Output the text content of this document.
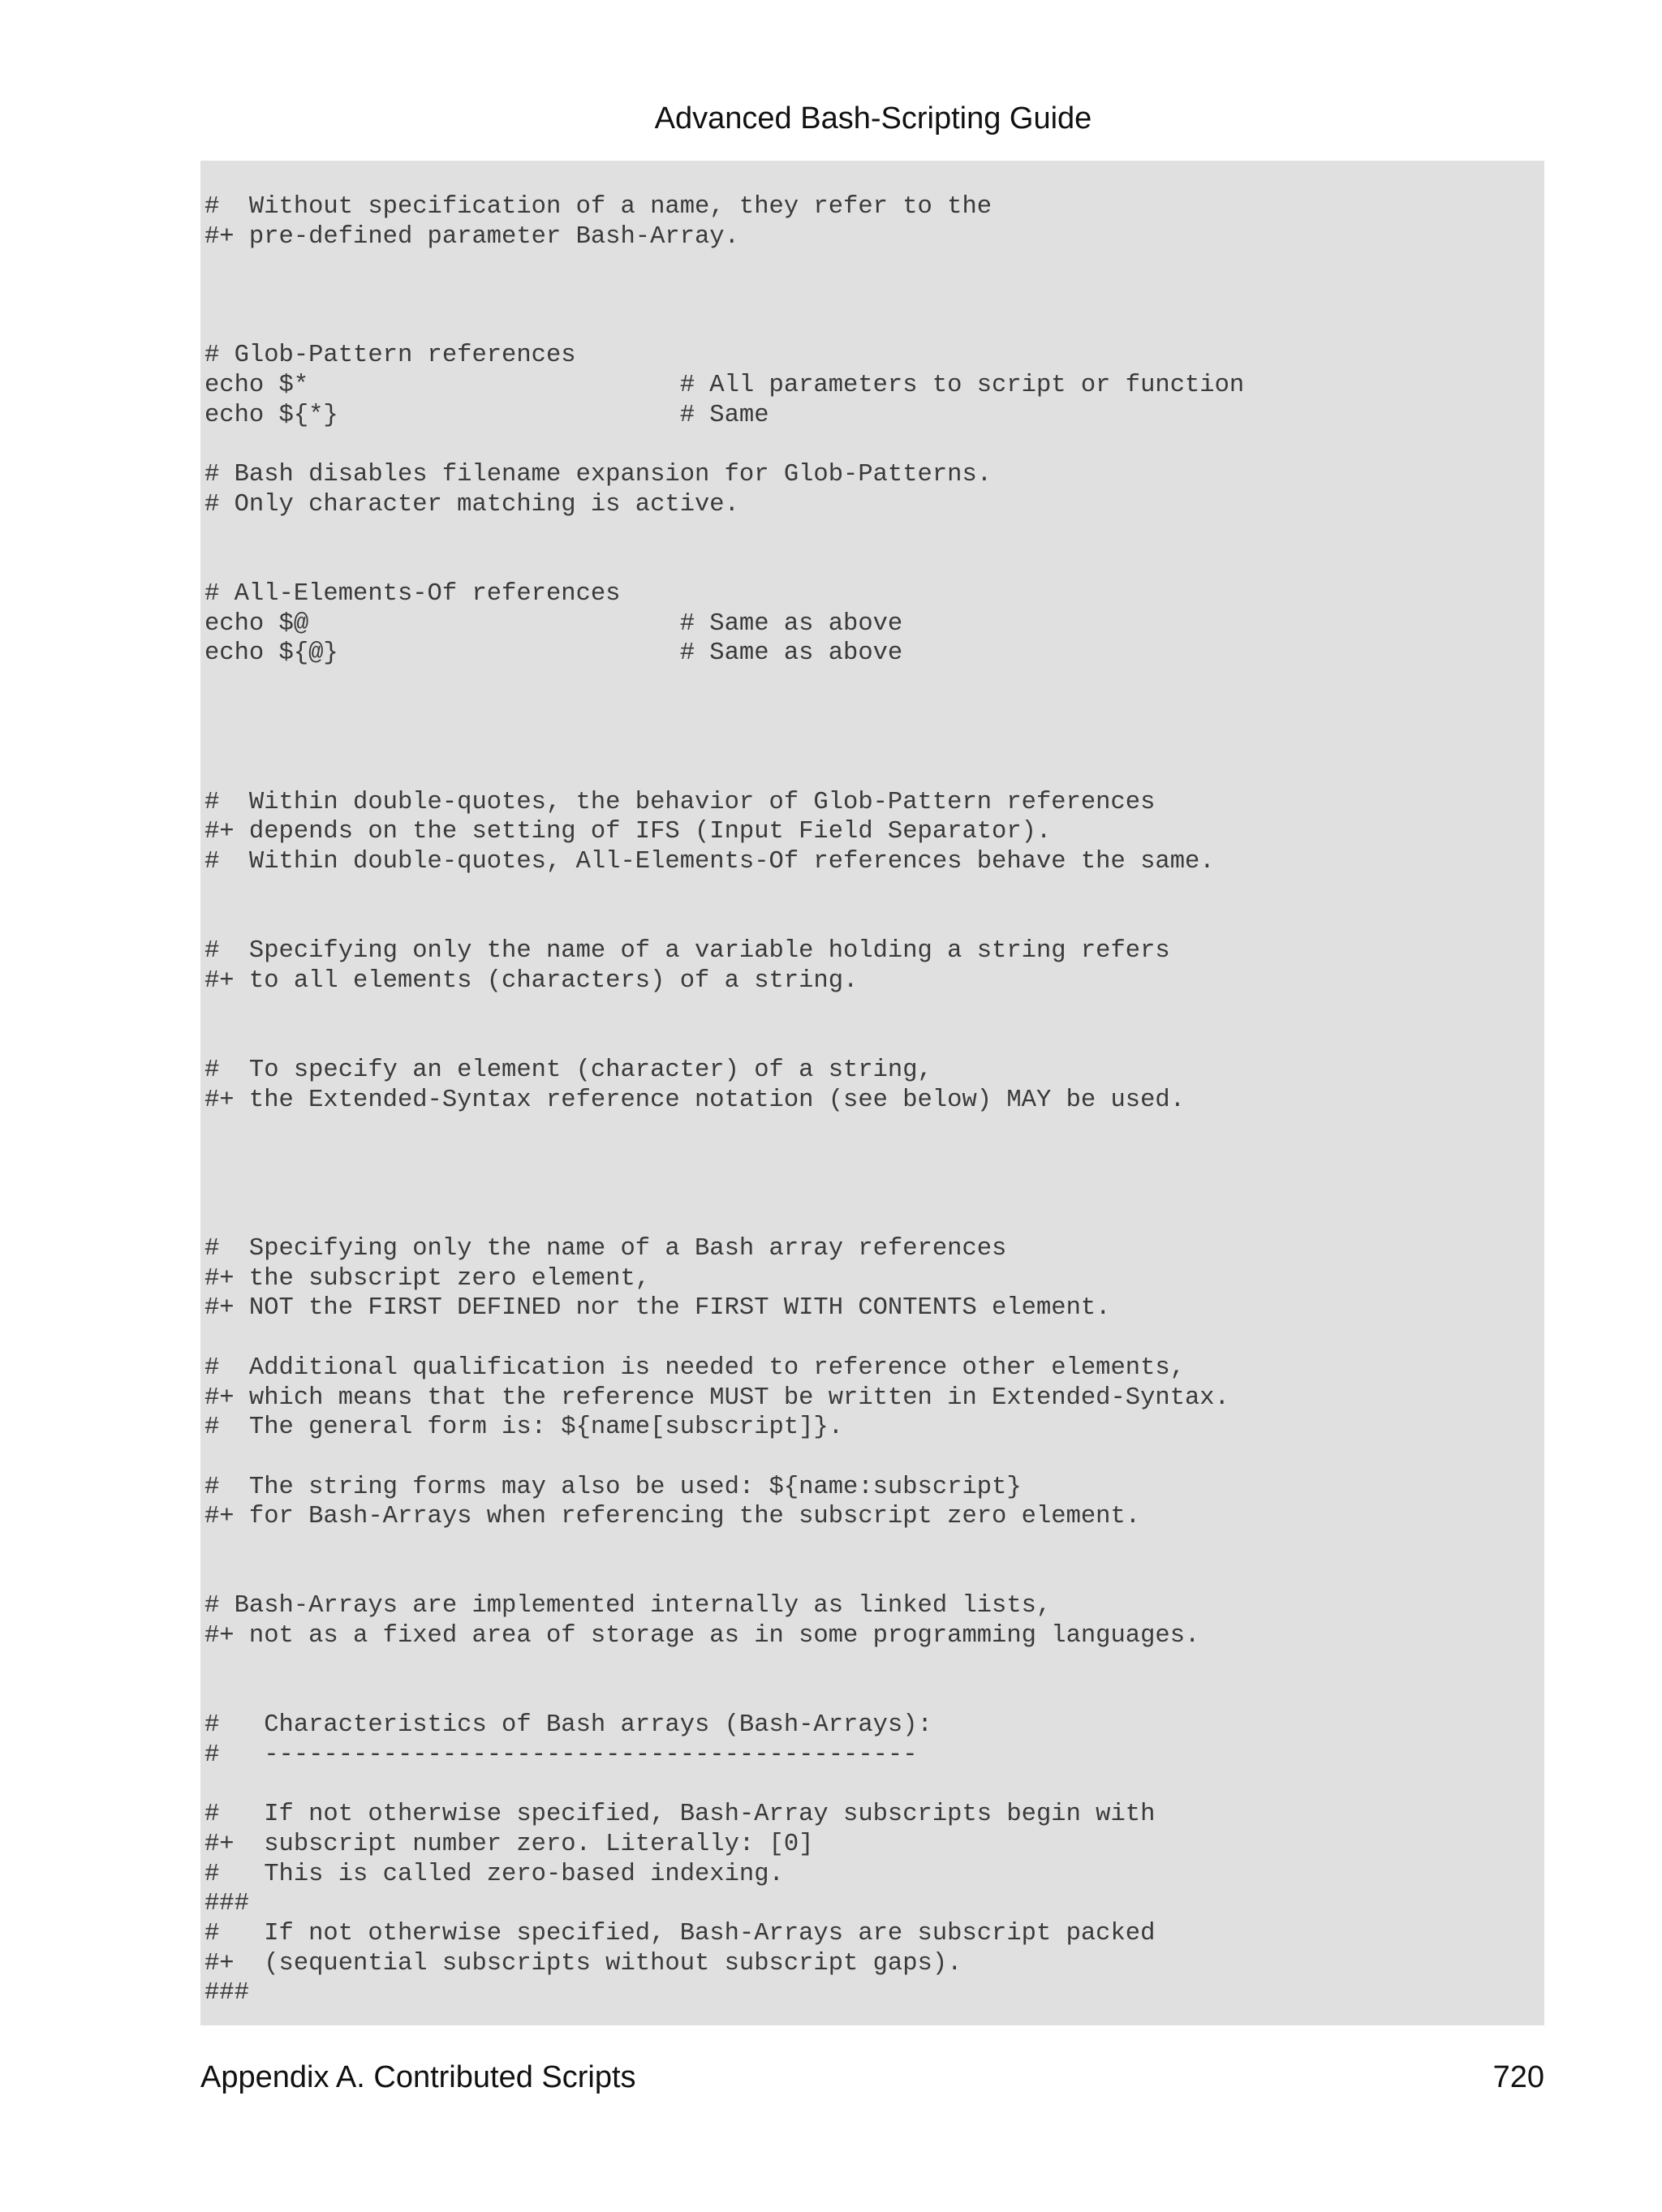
Advanced Bash-Scripting Guide
#  Without specification of a name, they refer to the
#+ pre-defined parameter Bash-Array.
# Glob-Pattern references
echo $*                         # All parameters to script or function
echo ${*}                       # Same
# Bash disables filename expansion for Glob-Patterns.
# Only character matching is active.
# All-Elements-Of references
echo $@                         # Same as above
echo ${@}                       # Same as above
#  Within double-quotes, the behavior of Glob-Pattern references
#+ depends on the setting of IFS (Input Field Separator).
#  Within double-quotes, All-Elements-Of references behave the same.
#  Specifying only the name of a variable holding a string refers
#+ to all elements (characters) of a string.
#  To specify an element (character) of a string,
#+ the Extended-Syntax reference notation (see below) MAY be used.
#  Specifying only the name of a Bash array references
#+ the subscript zero element,
#+ NOT the FIRST DEFINED nor the FIRST WITH CONTENTS element.
#  Additional qualification is needed to reference other elements,
#+ which means that the reference MUST be written in Extended-Syntax.
#  The general form is: ${name[subscript]}.
#  The string forms may also be used: ${name:subscript}
#+ for Bash-Arrays when referencing the subscript zero element.
# Bash-Arrays are implemented internally as linked lists,
#+ not as a fixed area of storage as in some programming languages.
#   Characteristics of Bash arrays (Bash-Arrays):
#   --------------------------------------------
#   If not otherwise specified, Bash-Array subscripts begin with
#+  subscript number zero. Literally: [0]
#   This is called zero-based indexing.
###
#   If not otherwise specified, Bash-Arrays are subscript packed
#+  (sequential subscripts without subscript gaps).
###
Appendix A. Contributed Scripts	720
